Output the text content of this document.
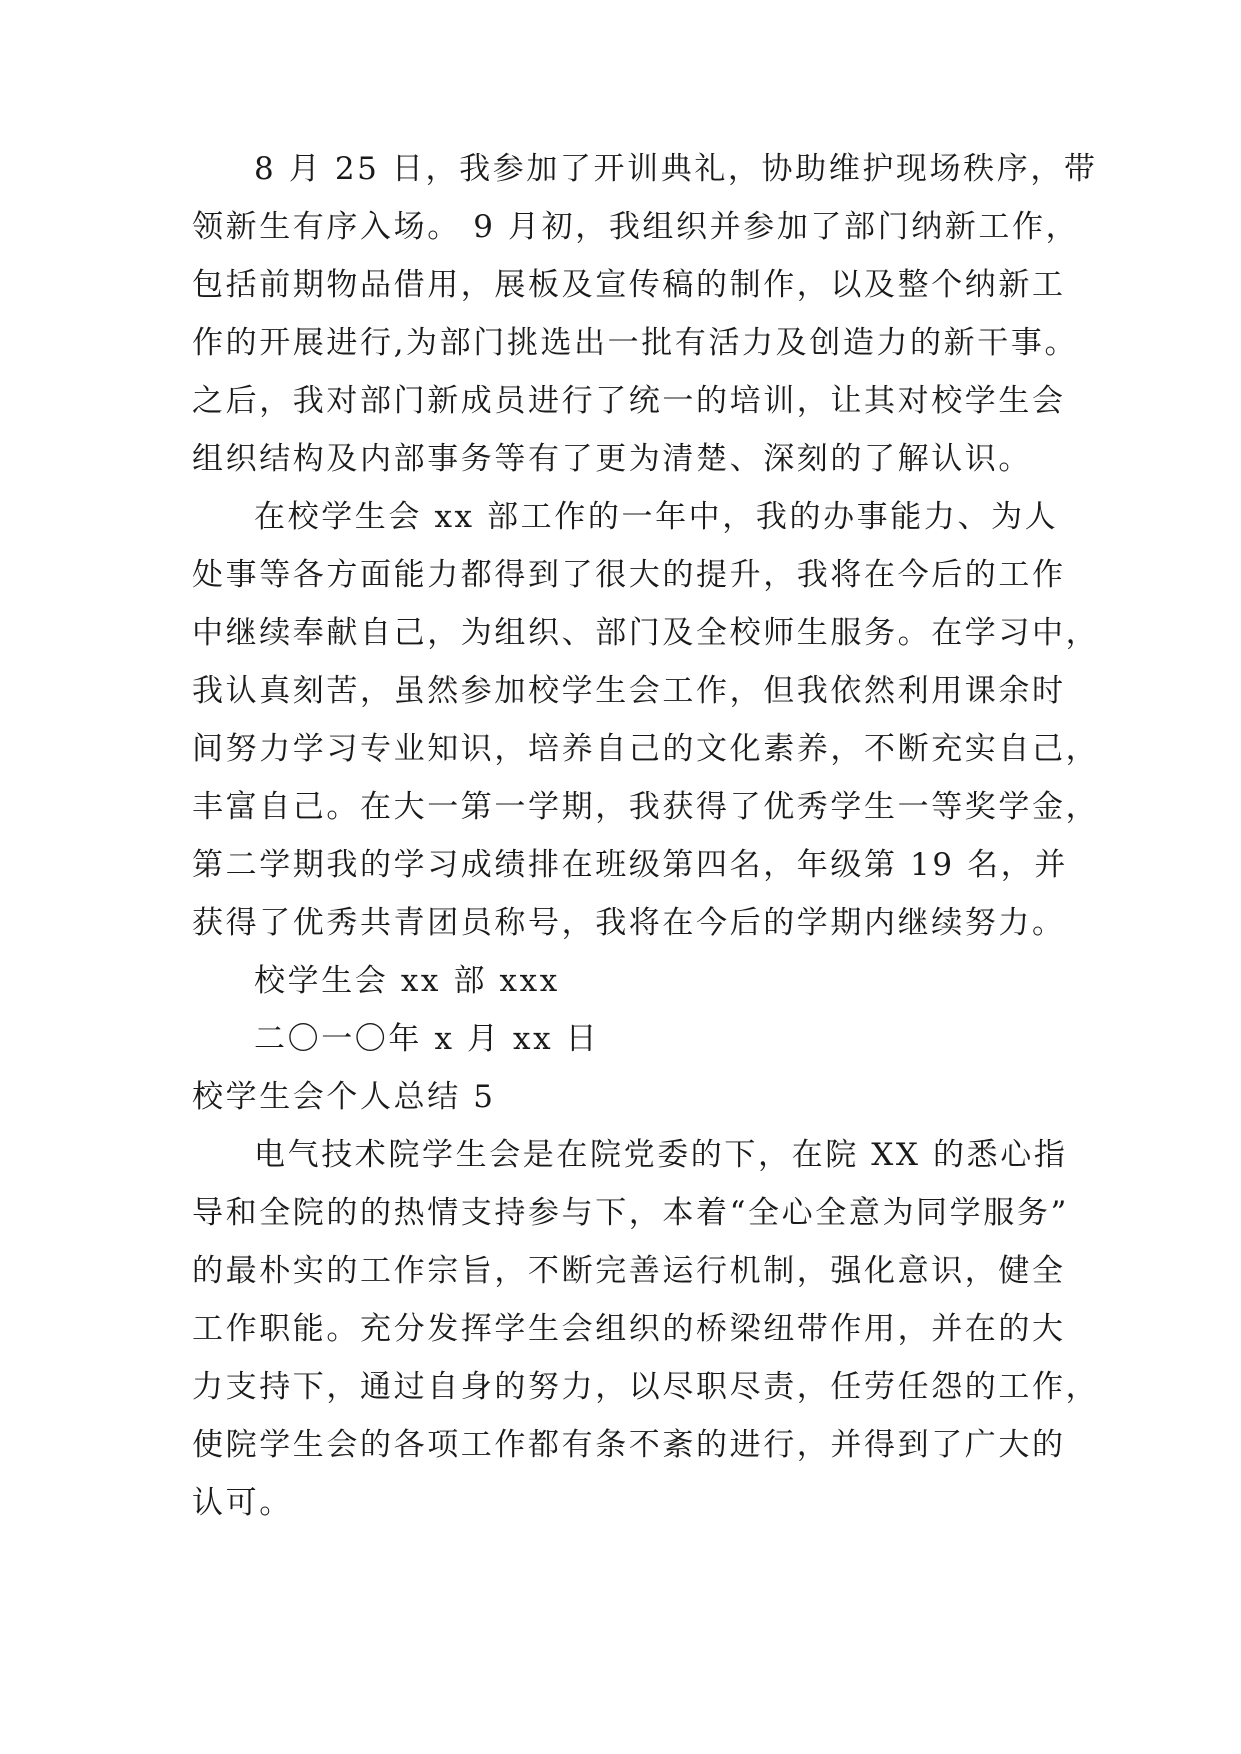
8 月 25 日，我参加了开训典礼，协助维护现场秩序，带
领新生有序入场。 9 月初，我组织并参加了部门纳新工作，
包括前期物品借用，展板及宣传稿的制作，以及整个纳新工
作的开展进行,为部门挑选出一批有活力及创造力的新干事。
之后，我对部门新成员进行了统一的培训，让其对校学生会
组织结构及内部事务等有了更为清楚、深刻的了解认识。
在校学生会 xx 部工作的一年中，我的办事能力、为人
处事等各方面能力都得到了很大的提升，我将在今后的工作
中继续奉献自己，为组织、部门及全校师生服务。在学习中，
我认真刻苦，虽然参加校学生会工作，但我依然利用课余时
间努力学习专业知识，培养自己的文化素养，不断充实自己，
丰富自己。在大一第一学期，我获得了优秀学生一等奖学金，
第二学期我的学习成绩排在班级第四名，年级第 19 名，并
获得了优秀共青团员称号，我将在今后的学期内继续努力。
校学生会 xx 部 xxx
二〇一〇年 x 月 xx 日
校学生会个人总结 5
电气技术院学生会是在院党委的下，在院 XX 的悉心指
导和全院的的热情支持参与下，本着“全心全意为同学服务”
的最朴实的工作宗旨，不断完善运行机制，强化意识，健全
工作职能。充分发挥学生会组织的桥梁纽带作用，并在的大
力支持下，通过自身的努力，以尽职尽责，任劳任怨的工作，
使院学生会的各项工作都有条不紊的进行，并得到了广大的
认可。
